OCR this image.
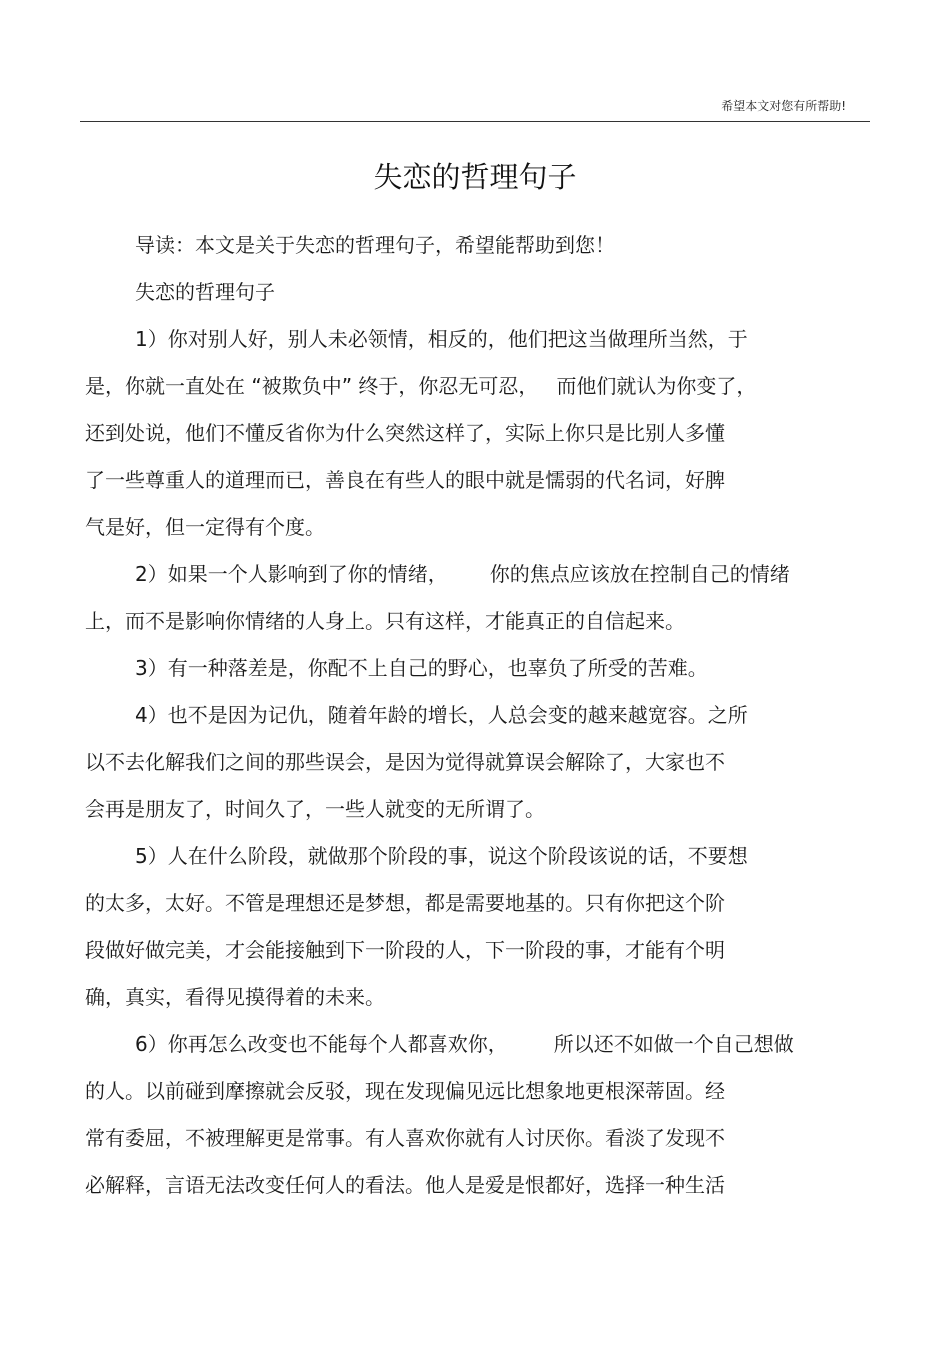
希望本文对您有所帮助!
失恋的哲理句子
导读：本文是关于失恋的哲理句子，希望能帮助到您！
失恋的哲理句子
1）你对别人好，别人未必领情，相反的，他们把这当做理所当然，于
是，你就一直处在 “被欺负中” 终于，你忍无可忍， 而他们就认为你变了，
还到处说，他们不懂反省你为什么突然这样了，实际上你只是比别人多懂
了一些尊重人的道理而已，善良在有些人的眼中就是懦弱的代名词，好脾
气是好，但一定得有个度。
2）如果一个人影响到了你的情绪， 你的焦点应该放在控制自己的情绪
上，而不是影响你情绪的人身上。只有这样，才能真正的自信起来。
3）有一种落差是，你配不上自己的野心，也辜负了所受的苦难。
4）也不是因为记仇，随着年龄的增长，人总会变的越来越宽容。之所
以不去化解我们之间的那些误会，是因为觉得就算误会解除了，大家也不
会再是朋友了，时间久了，一些人就变的无所谓了。
5）人在什么阶段，就做那个阶段的事，说这个阶段该说的话，不要想
的太多，太好。不管是理想还是梦想，都是需要地基的。只有你把这个阶
段做好做完美，才会能接触到下一阶段的人，下一阶段的事，才能有个明
确，真实，看得见摸得着的未来。
6）你再怎么改变也不能每个人都喜欢你， 所以还不如做一个自己想做
的人。以前碰到摩擦就会反驳，现在发现偏见远比想象地更根深蒂固。经
常有委屈，不被理解更是常事。有人喜欢你就有人讨厌你。看淡了发现不
必解释，言语无法改变任何人的看法。他人是爱是恨都好，选择一种生活
